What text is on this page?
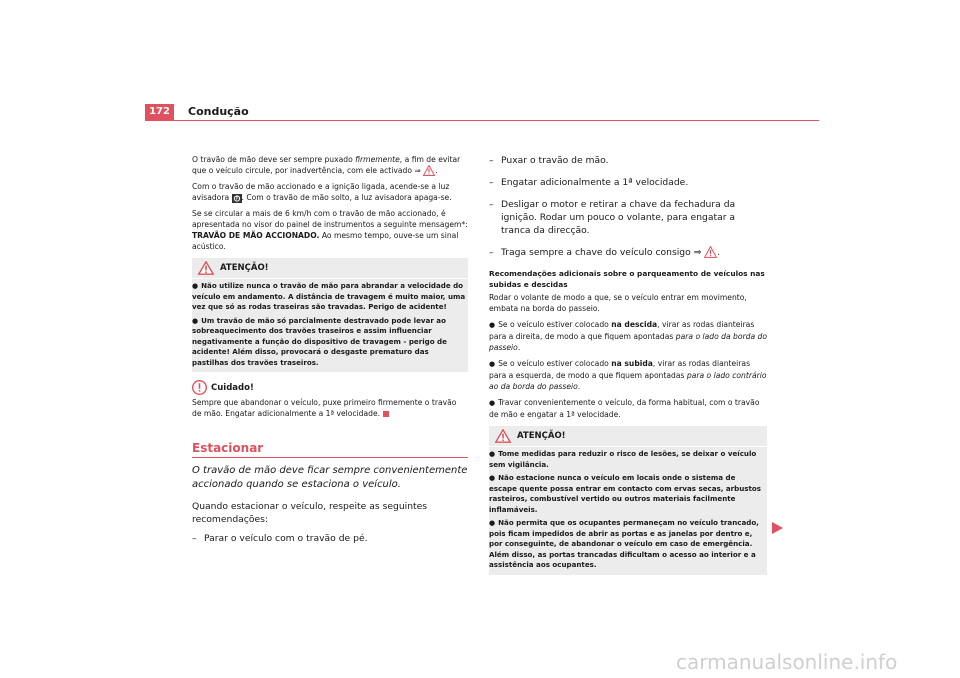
172	Condução

O travão de mão deve ser sempre puxado firmemente, a fim de evitar que o veículo circule, por inadvertência, com ele activado ⇒ .

Com o travão de mão accionado e a ignição ligada, acende-se a luz avisadora P . Com o travão de mão solto, a luz avisadora apaga-se.

Se se circular a mais de 6 km/h com o travão de mão accionado, é apresentada no visor do painel de instrumentos a seguinte mensagem*: TRAVÃO DE MÃO ACCIONADO. Ao mesmo tempo, ouve-se um sinal acústico.

ATENÇÃO!
● Não utilize nunca o travão de mão para abrandar a velocidade do veículo em andamento. A distância de travagem é muito maior, uma vez que só as rodas traseiras são travadas. Perigo de acidente!
● Um travão de mão só parcialmente destravado pode levar ao sobreaquecimento dos travões traseiros e assim influenciar negativamente a função do dispositivo de travagem - perigo de acidente! Além disso, provocará o desgaste prematuro das pastilhas dos travões traseiros.
Cuidado!

Sempre que abandonar o veículo, puxe primeiro firmemente o travão de mão. Engatar adicionalmente a 1ª velocidade.

Estacionar

O travão de mão deve ficar sempre convenientemente accionado quando se estaciona o veículo.

Quando estacionar o veículo, respeite as seguintes recomendações:

– Parar o veículo com o travão de pé.

– Puxar o travão de mão.

– Engatar adicionalmente a 1ª velocidade.

– Desligar o motor e retirar a chave da fechadura da ignição. Rodar um pouco o volante, para engatar a tranca da direcção.

– Traga sempre a chave do veículo consigo ⇒ .

Recomendações adicionais sobre o parqueamento de veículos nas subidas e descidas

Rodar o volante de modo a que, se o veículo entrar em movimento, embata na borda do passeio.

● Se o veículo estiver colocado na descida, virar as rodas dianteiras para a direita, de modo a que fiquem apontadas para o lado da borda do passeio.

● Se o veículo estiver colocado na subida, virar as rodas dianteiras para a esquerda, de modo a que fiquem apontadas para o lado contrário ao da borda do passeio.

● Travar convenientemente o veículo, da forma habitual, com o travão de mão e engatar a 1ª velocidade.

ATENÇÃO!
● Tome medidas para reduzir o risco de lesões, se deixar o veículo sem vigilância.
● Não estacione nunca o veículo em locais onde o sistema de escape quente possa entrar em contacto com ervas secas, arbustos rasteiros, combustível vertido ou outros materiais facilmente inflamáveis.
● Não permita que os ocupantes permaneçam no veículo trancado, pois ficam impedidos de abrir as portas e as janelas por dentro e, por conseguinte, de abandonar o veículo em caso de emergência. Além disso, as portas trancadas dificultam o acesso ao interior e a assistência aos ocupantes.
carmanualsonline.info
